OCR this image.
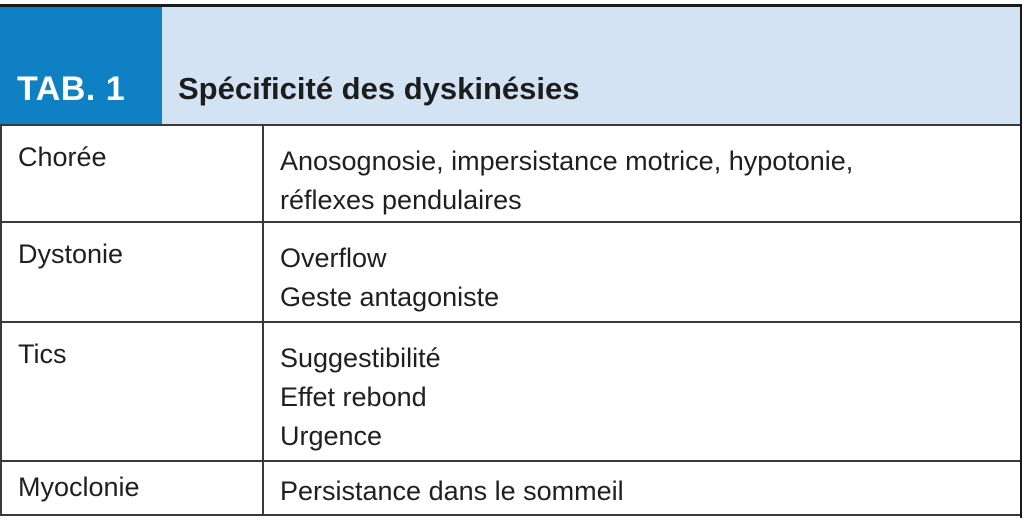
TAB. 1 Spécificité des dyskinésies
Chorée	Anosognosie, impersistance motrice, hypotonie,
réflexes pendulaires
Dystonie	Overflow
Geste antagoniste
Tics	Suggestibilité
Effet rebond
Urgence
Myoclonie	Persistance dans le sommeil
